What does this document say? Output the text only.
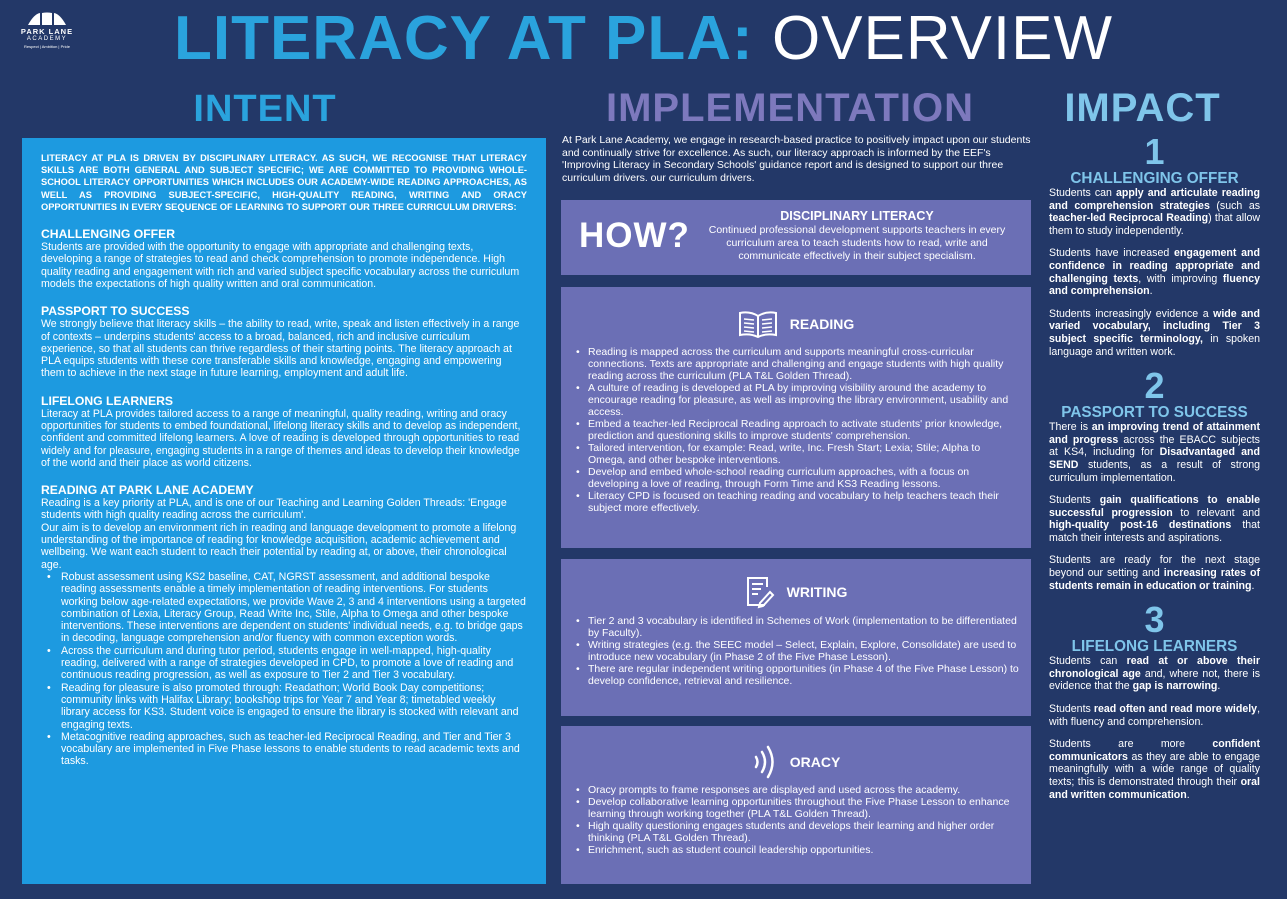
PARK LANE
ACADEMY
Respect | Ambition | Pride	LITERACY AT PLA: OVERVIEW
INTENT	IMPLEMENTATION	IMPACT

LITERACY AT PLA IS DRIVEN BY DISCIPLINARY LITERACY. AS SUCH, WE RECOGNISE THAT LITERACY SKILLS ARE BOTH GENERAL AND SUBJECT SPECIFIC; WE ARE COMMITTED TO PROVIDING WHOLE-SCHOOL LITERACY OPPORTUNITIES WHICH INCLUDES OUR ACADEMY-WIDE READING APPROACHES, AS WELL AS PROVIDING SUBJECT-SPECIFIC, HIGH-QUALITY READING, WRITING AND ORACY OPPORTUNITIES IN EVERY SEQUENCE OF LEARNING TO SUPPORT OUR THREE CURRICULUM DRIVERS:

CHALLENGING OFFER

Students are provided with the opportunity to engage with appropriate and challenging texts, developing a range of strategies to read and check comprehension to promote independence. High quality reading and engagement with rich and varied subject specific vocabulary across the curriculum models the expectations of high quality written and oral communication.

PASSPORT TO SUCCESS

We strongly believe that literacy skills – the ability to read, write, speak and listen effectively in a range of contexts – underpins students' access to a broad, balanced, rich and inclusive curriculum experience, so that all students can thrive regardless of their starting points. The literacy approach at PLA equips students with these core transferable skills and knowledge, engaging and empowering them to achieve in the next stage in future learning, employment and adult life.

LIFELONG LEARNERS

Literacy at PLA provides tailored access to a range of meaningful, quality reading, writing and oracy opportunities for students to embed foundational, lifelong literacy skills and to develop as independent, confident and committed lifelong learners. A love of reading is developed through opportunities to read widely and for pleasure, engaging students in a range of themes and ideas to develop their knowledge of the world and their place as world citizens.

READING AT PARK LANE ACADEMY

Reading is a key priority at PLA, and is one of our Teaching and Learning Golden Threads: 'Engage students with high quality reading across the curriculum'.

Our aim is to develop an environment rich in reading and language development to promote a lifelong understanding of the importance of reading for knowledge acquisition, academic achievement and wellbeing. We want each student to reach their potential by reading at, or above, their chronological age.

• Robust assessment using KS2 baseline, CAT, NGRST assessment, and additional bespoke reading assessments enable a timely implementation of reading interventions. For students working below age-related expectations, we provide Wave 2, 3 and 4 interventions using a targeted combination of Lexia, Literacy Group, Read Write Inc, Stile, Alpha to Omega and other bespoke interventions. These interventions are dependent on students' individual needs, e.g. to bridge gaps in decoding, language comprehension and/or fluency with common exception words.
• Across the curriculum and during tutor period, students engage in well-mapped, high-quality reading, delivered with a range of strategies developed in CPD, to promote a love of reading and continuous reading progression, as well as exposure to Tier 2 and Tier 3 vocabulary.
• Reading for pleasure is also promoted through: Readathon; World Book Day competitions; community links with Halifax Library; bookshop trips for Year 7 and Year 8; timetabled weekly library access for KS3. Student voice is engaged to ensure the library is stocked with relevant and engaging texts.
• Metacognitive reading approaches, such as teacher-led Reciprocal Reading, and Tier and Tier 3 vocabulary are implemented in Five Phase lessons to enable students to read academic texts and tasks.

At Park Lane Academy, we engage in research-based practice to positively impact upon our students and continually strive for excellence. As such, our literacy approach is informed by the EEF's 'Improving Literacy in Secondary Schools' guidance report and is designed to support our three curriculum drivers. our curriculum drivers.

HOW?	DISCIPLINARY LITERACY
Continued professional development supports teachers in every curriculum area to teach students how to read, write and communicate effectively in their subject specialism.
READING
• Reading is mapped across the curriculum and supports meaningful cross-curricular connections. Texts are appropriate and challenging and engage students with high quality reading across the curriculum (PLA T&L Golden Thread).
• A culture of reading is developed at PLA by improving visibility around the academy to encourage reading for pleasure, as well as improving the library environment, usability and access.
• Embed a teacher-led Reciprocal Reading approach to activate students' prior knowledge, prediction and questioning skills to improve students' comprehension.
• Tailored intervention, for example: Read, write, Inc. Fresh Start; Lexia; Stile; Alpha to Omega, and other bespoke interventions.
• Develop and embed whole-school reading curriculum approaches, with a focus on developing a love of reading, through Form Time and KS3 Reading lessons.
• Literacy CPD is focused on teaching reading and vocabulary to help teachers teach their subject more effectively.
WRITING
• Tier 2 and 3 vocabulary is identified in Schemes of Work (implementation to be differentiated by Faculty).
• Writing strategies (e.g. the SEEC model – Select, Explain, Explore, Consolidate) are used to introduce new vocabulary (in Phase 2 of the Five Phase Lesson).
• There are regular independent writing opportunities (in Phase 4 of the Five Phase Lesson) to develop confidence, retrieval and resilience.
ORACY
• Oracy prompts to frame responses are displayed and used across the academy.
• Develop collaborative learning opportunities throughout the Five Phase Lesson to enhance learning through working together (PLA T&L Golden Thread).
• High quality questioning engages students and develops their learning and higher order thinking (PLA T&L Golden Thread).
• Enrichment, such as student council leadership opportunities.
1
CHALLENGING OFFER

Students can apply and articulate reading and comprehension strategies (such as teacher-led Reciprocal Reading) that allow them to study independently.

Students have increased engagement and confidence in reading appropriate and challenging texts, with improving fluency and comprehension.

Students increasingly evidence a wide and varied vocabulary, including Tier 3 subject specific terminology, in spoken language and written work.

2
PASSPORT TO SUCCESS

There is an improving trend of attainment and progress across the EBACC subjects at KS4, including for Disadvantaged and SEND students, as a result of strong curriculum implementation.

Students gain qualifications to enable successful progression to relevant and high-quality post-16 destinations that match their interests and aspirations.

Students are ready for the next stage beyond our setting and increasing rates of students remain in education or training.

3
LIFELONG LEARNERS

Students can read at or above their chronological age and, where not, there is evidence that the gap is narrowing.

Students read often and read more widely, with fluency and comprehension.

Students are more confident communicators as they are able to engage meaningfully with a wide range of quality texts; this is demonstrated through their oral and written communication.
